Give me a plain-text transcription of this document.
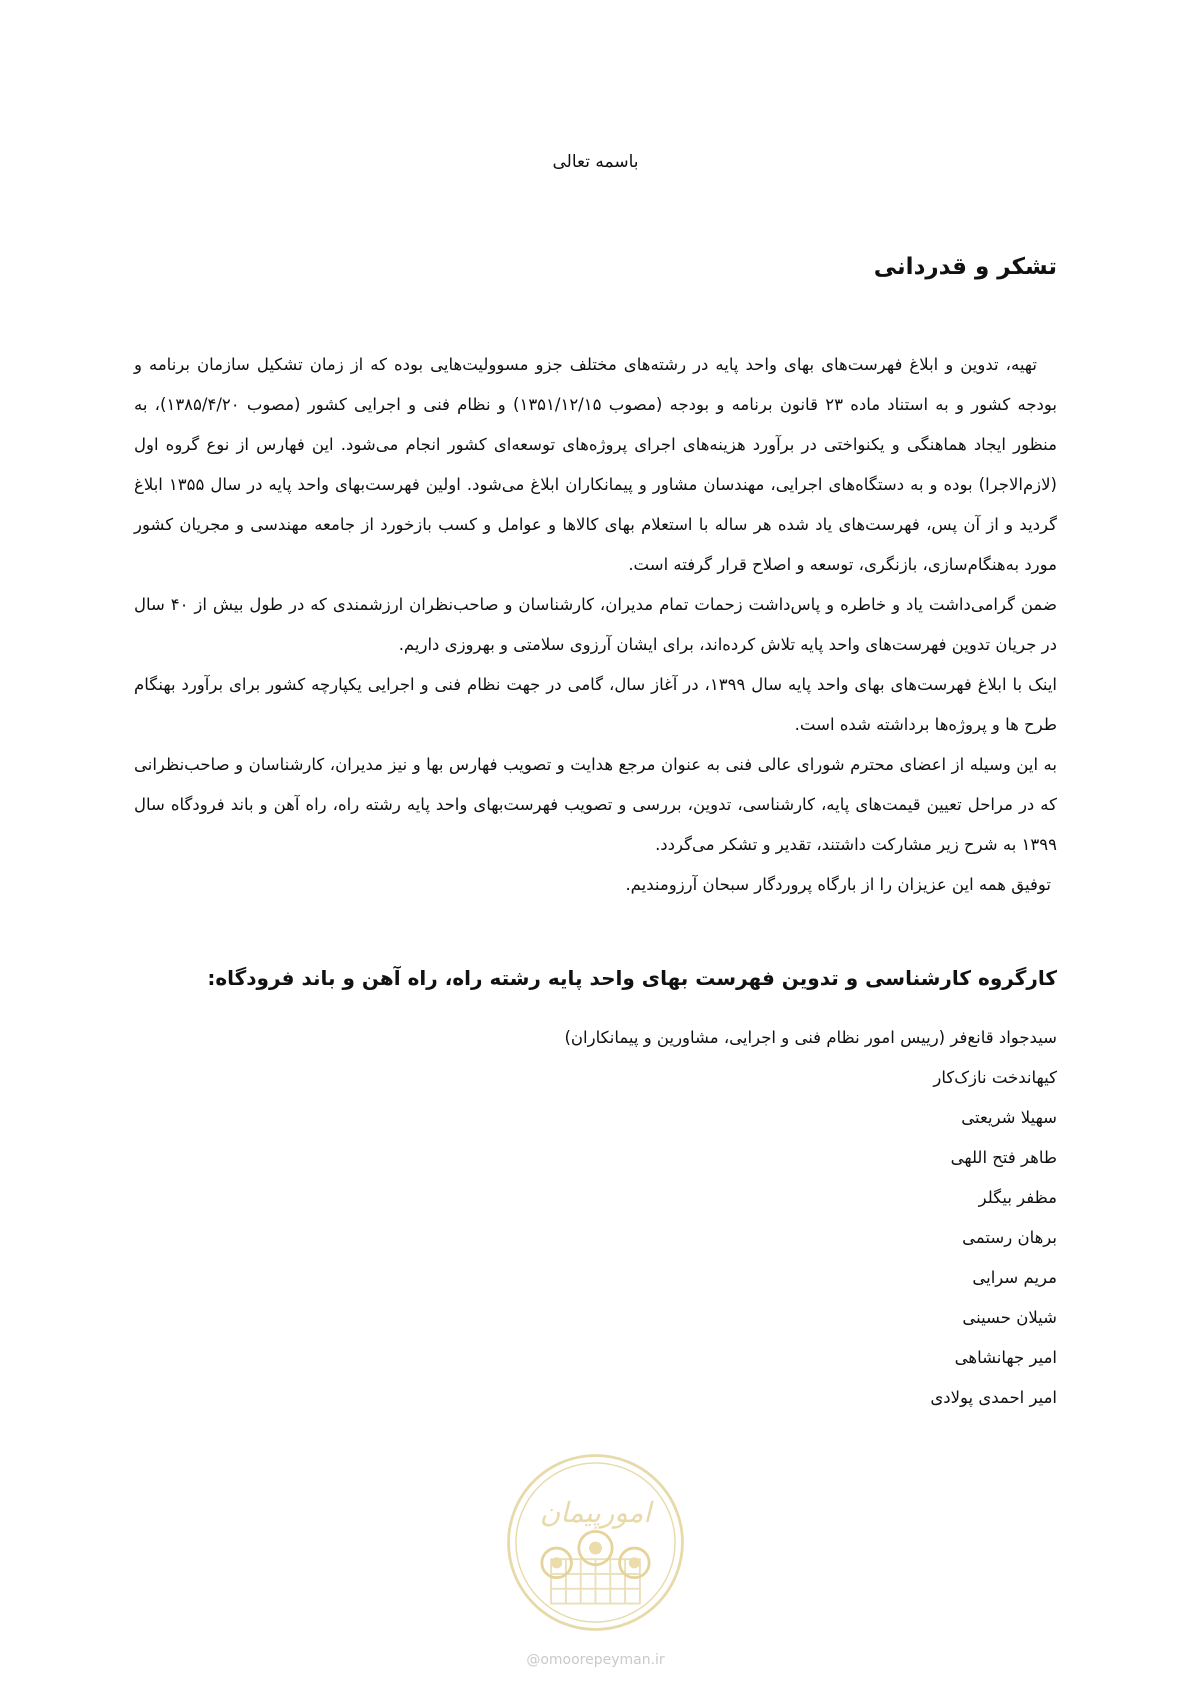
باسمه تعالی
تشکر و قدردانی

تهیه، تدوین و ابلاغ فهرست‌های بهای واحد پایه در رشته‌های مختلف جزو مسوولیت‌هایی بوده که از زمان تشکیل سازمان برنامه و بودجه کشور و به استناد ماده ۲۳ قانون برنامه و بودجه (مصوب ۱۳۵۱/۱۲/۱۵) و نظام فنی و اجرایی کشور (مصوب ۱۳۸۵/۴/۲۰)، به منظور ایجاد هماهنگی و یکنواختی در برآورد هزینه‌های اجرای پروژه‌های توسعه‌ای کشور انجام می‌شود. این فهارس از نوع گروه اول (لازم‌الاجرا) بوده و به دستگاه‌های اجرایی، مهندسان مشاور و پیمانکاران ابلاغ می‌شود. اولین فهرست‌بهای واحد پایه در سال ۱۳۵۵ ابلاغ گردید و از آن پس، فهرست‌های یاد شده هر ساله با استعلام بهای کالاها و عوامل و کسب بازخورد از جامعه مهندسی و مجریان کشور مورد به‌هنگام‌سازی، بازنگری، توسعه و اصلاح قرار گرفته است.

ضمن گرامی‌داشت یاد و خاطره و پاس‌داشت زحمات تمام مدیران، کارشناسان و صاحب‌نظران ارزشمندی که در طول بیش از ۴۰ سال در جریان تدوین فهرست‌های واحد پایه تلاش کرده‌اند، برای ایشان آرزوی سلامتی و بهروزی داریم.

اینک با ابلاغ فهرست‌های بهای واحد پایه سال ۱۳۹۹، در آغاز سال، گامی در جهت نظام فنی و اجرایی یکپارچه کشور برای برآورد بهنگام طرح ها و پروژه‌ها برداشته شده است.

به این وسیله از اعضای محترم شورای عالی فنی به عنوان مرجع هدایت و تصویب فهارس بها و نیز مدیران، کارشناسان و صاحب‌نظرانی که در مراحل تعیین قیمت‌های پایه، کارشناسی، تدوین، بررسی و تصویب فهرست‌بهای واحد پایه رشته راه، راه آهن و باند فرودگاه سال ۱۳۹۹ به شرح زیر مشارکت داشتند، تقدیر و تشکر می‌گردد.

توفیق همه این عزیزان را از بارگاه پروردگار سبحان آرزومندیم.

کارگروه کارشناسی و تدوین فهرست بهای واحد پایه رشته راه، راه آهن و باند فرودگاه:
سیدجواد قانع‌فر (رییس امور نظام فنی و اجرایی، مشاورین و پیمانکاران)
کیهاندخت نازک‌کار
سهیلا شریعتی
طاهر فتح اللهی
مظفر بیگلر
برهان رستمی
مریم سرایی
شیلان حسینی
امیر جهانشاهی
امیر احمدی پولادی
امورپیمان
@omoorepeyman.ir
